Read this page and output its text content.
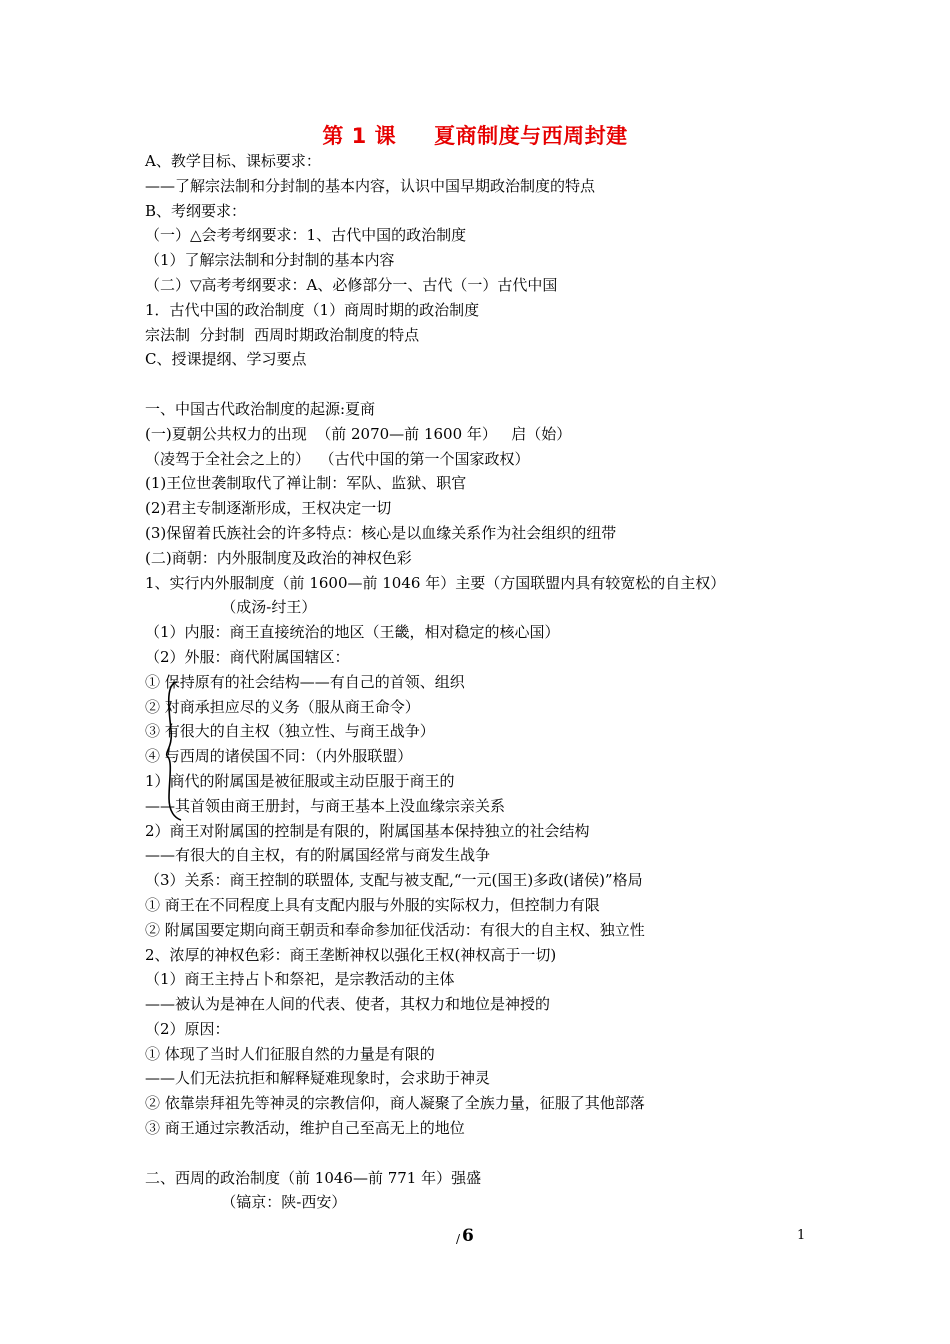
第 1 课 夏商制度与西周封建
A、教学目标、课标要求：
——了解宗法制和分封制的基本内容，认识中国早期政治制度的特点
B、考纲要求：
（一）△会考考纲要求：1、古代中国的政治制度
（1）了解宗法制和分封制的基本内容
（二）▽高考考纲要求：A、必修部分一、古代（一）古代中国
1．古代中国的政治制度（1）商周时期的政治制度
宗法制  分封制  西周时期政治制度的特点
C、授课提纲、学习要点
一、中国古代政治制度的起源:夏商
(一)夏朝公共权力的出现  （前 2070—前 1600 年）   启（始）
（凌驾于全社会之上的）  （古代中国的第一个国家政权）
(1)王位世袭制取代了禅让制：军队、监狱、职官
(2)君主专制逐渐形成，王权决定一切
(3)保留着氏族社会的许多特点：核心是以血缘关系作为社会组织的纽带
(二)商朝：内外服制度及政治的神权色彩
1、实行内外服制度（前 1600—前 1046 年）主要（方国联盟内具有较宽松的自主权）
（成汤-纣王）
（1）内服：商王直接统治的地区（王畿，相对稳定的核心国）
（2）外服：商代附属国辖区：
① 保持原有的社会结构——有自己的首领、组织
② 对商承担应尽的义务（服从商王命令）
③ 有很大的自主权（独立性、与商王战争）
④ 与西周的诸侯国不同：（内外服联盟）
1）商代的附属国是被征服或主动臣服于商王的
——其首领由商王册封，与商王基本上没血缘宗亲关系
2）商王对附属国的控制是有限的，附属国基本保持独立的社会结构
——有很大的自主权，有的附属国经常与商发生战争
（3）关系：商王控制的联盟体, 支配与被支配,“一元(国王)多政(诸侯)”格局
① 商王在不同程度上具有支配内服与外服的实际权力，但控制力有限
② 附属国要定期向商王朝贡和奉命参加征伐活动：有很大的自主权、独立性
2、浓厚的神权色彩：商王垄断神权以强化王权(神权高于一切)
（1）商王主持占卜和祭祀，是宗教活动的主体
——被认为是神在人间的代表、使者，其权力和地位是神授的
（2）原因：
① 体现了当时人们征服自然的力量是有限的
——人们无法抗拒和解释疑难现象时，会求助于神灵
② 依靠崇拜祖先等神灵的宗教信仰，商人凝聚了全族力量，征服了其他部落
③ 商王通过宗教活动，维护自己至高无上的地位
二、西周的政治制度（前 1046—前 771 年）强盛
（镐京：陕-西安）
/ 6	1
